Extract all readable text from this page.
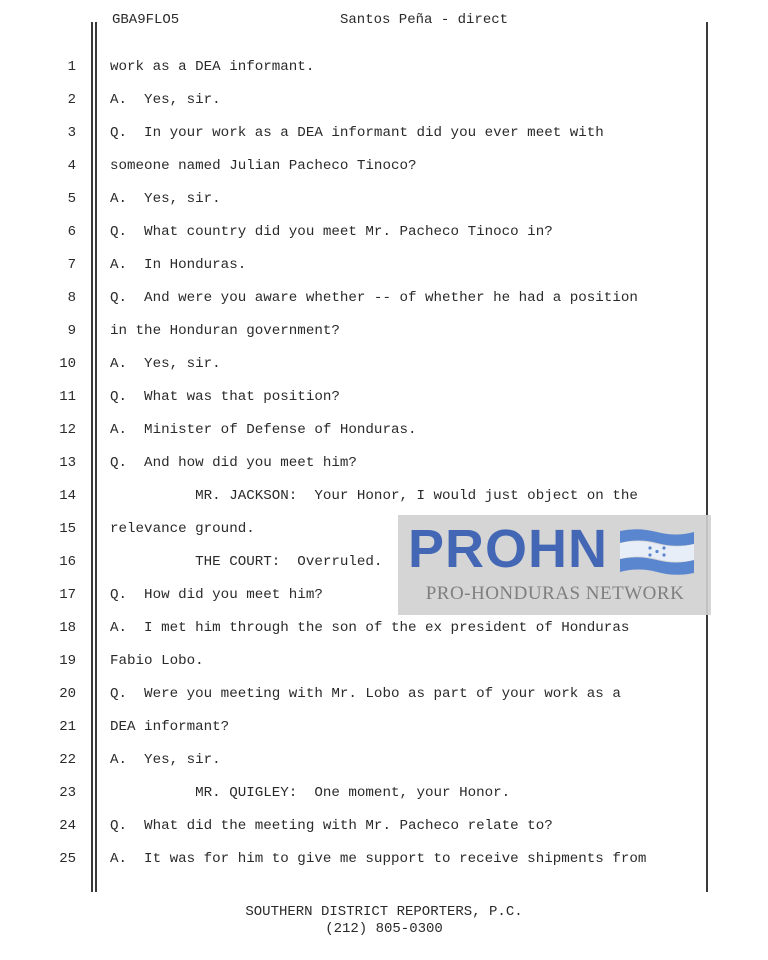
GBA9FLO5	Santos Peña - direct
1 work as a DEA informant.
2 A.  Yes, sir.
3 Q.  In your work as a DEA informant did you ever meet with
4 someone named Julian Pacheco Tinoco?
5 A.  Yes, sir.
6 Q.  What country did you meet Mr. Pacheco Tinoco in?
7 A.  In Honduras.
8 Q.  And were you aware whether -- of whether he had a position
9 in the Honduran government?
10 A.  Yes, sir.
11 Q.  What was that position?
12 A.  Minister of Defense of Honduras.
13 Q.  And how did you meet him?
14 MR. JACKSON:  Your Honor, I would just object on the
15 relevance ground.
16 THE COURT:  Overruled.
17 Q.  How did you meet him?
18 A.  I met him through the son of the ex president of Honduras
19 Fabio Lobo.
20 Q.  Were you meeting with Mr. Lobo as part of your work as a
21 DEA informant?
22 A.  Yes, sir.
23 MR. QUIGLEY:  One moment, your Honor.
24 Q.  What did the meeting with Mr. Pacheco relate to?
25 A.  It was for him to give me support to receive shipments from
PROHN
PRO-HONDURAS NETWORK
SOUTHERN DISTRICT REPORTERS, P.C.
(212) 805-0300
